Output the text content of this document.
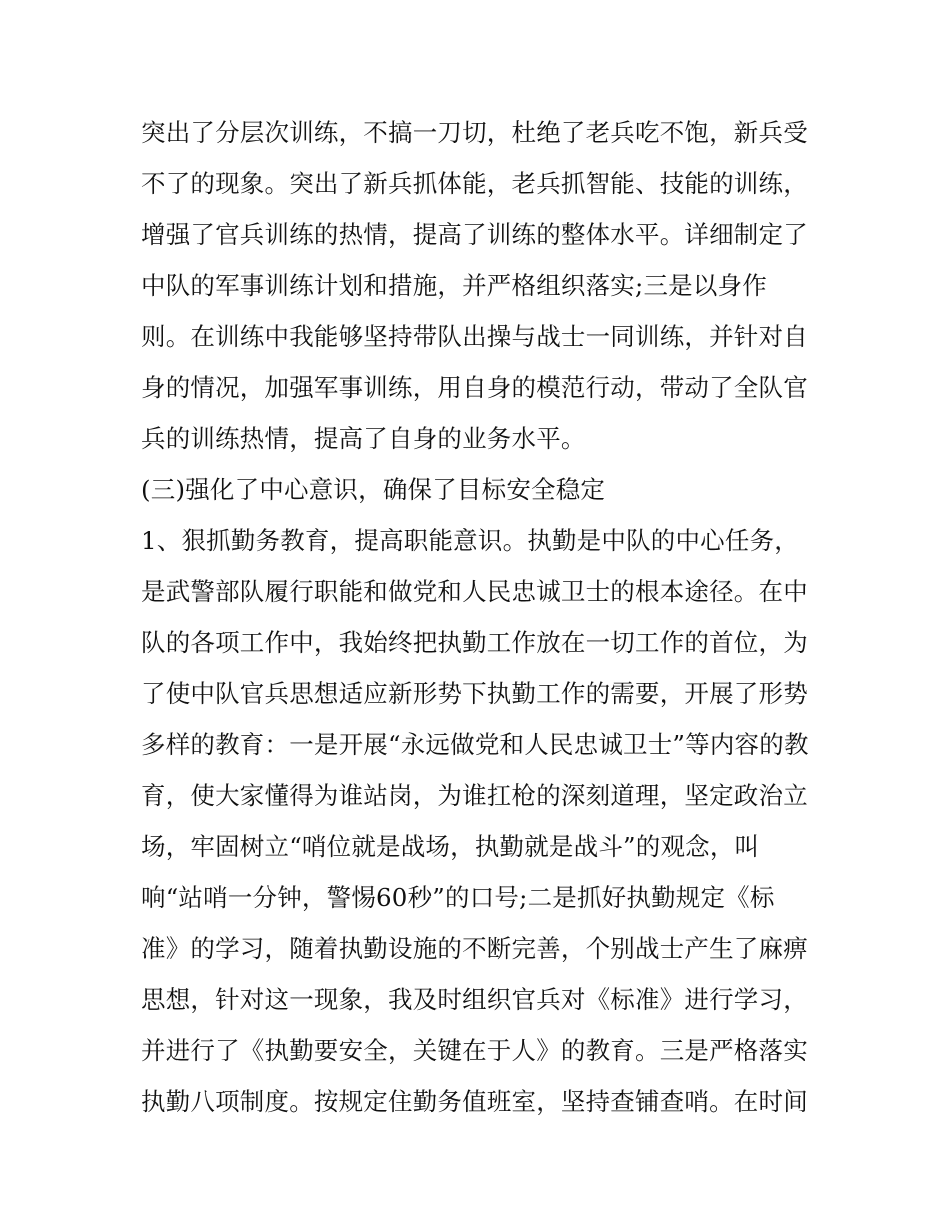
突出了分层次训练，不搞一刀切，杜绝了老兵吃不饱，新兵受
不了的现象。突出了新兵抓体能，老兵抓智能、技能的训练，
增强了官兵训练的热情，提高了训练的整体水平。详细制定了
中队的军事训练计划和措施，并严格组织落实;三是以身作
则。在训练中我能够坚持带队出操与战士一同训练，并针对自
身的情况，加强军事训练，用自身的模范行动，带动了全队官
兵的训练热情，提高了自身的业务水平。
(三)强化了中心意识，确保了目标安全稳定
1、狠抓勤务教育，提高职能意识。执勤是中队的中心任务，
是武警部队履行职能和做党和人民忠诚卫士的根本途径。在中
队的各项工作中，我始终把执勤工作放在一切工作的首位，为
了使中队官兵思想适应新形势下执勤工作的需要，开展了形势
多样的教育：一是开展“永远做党和人民忠诚卫士”等内容的教
育，使大家懂得为谁站岗，为谁扛枪的深刻道理，坚定政治立
场，牢固树立“哨位就是战场，执勤就是战斗”的观念，叫
响“站哨一分钟，警惕60秒”的口号;二是抓好执勤规定《标
准》的学习，随着执勤设施的不断完善，个别战士产生了麻痹
思想，针对这一现象，我及时组织官兵对《标准》进行学习，
并进行了《执勤要安全，关键在于人》的教育。三是严格落实
执勤八项制度。按规定住勤务值班室，坚持查铺查哨。在时间
